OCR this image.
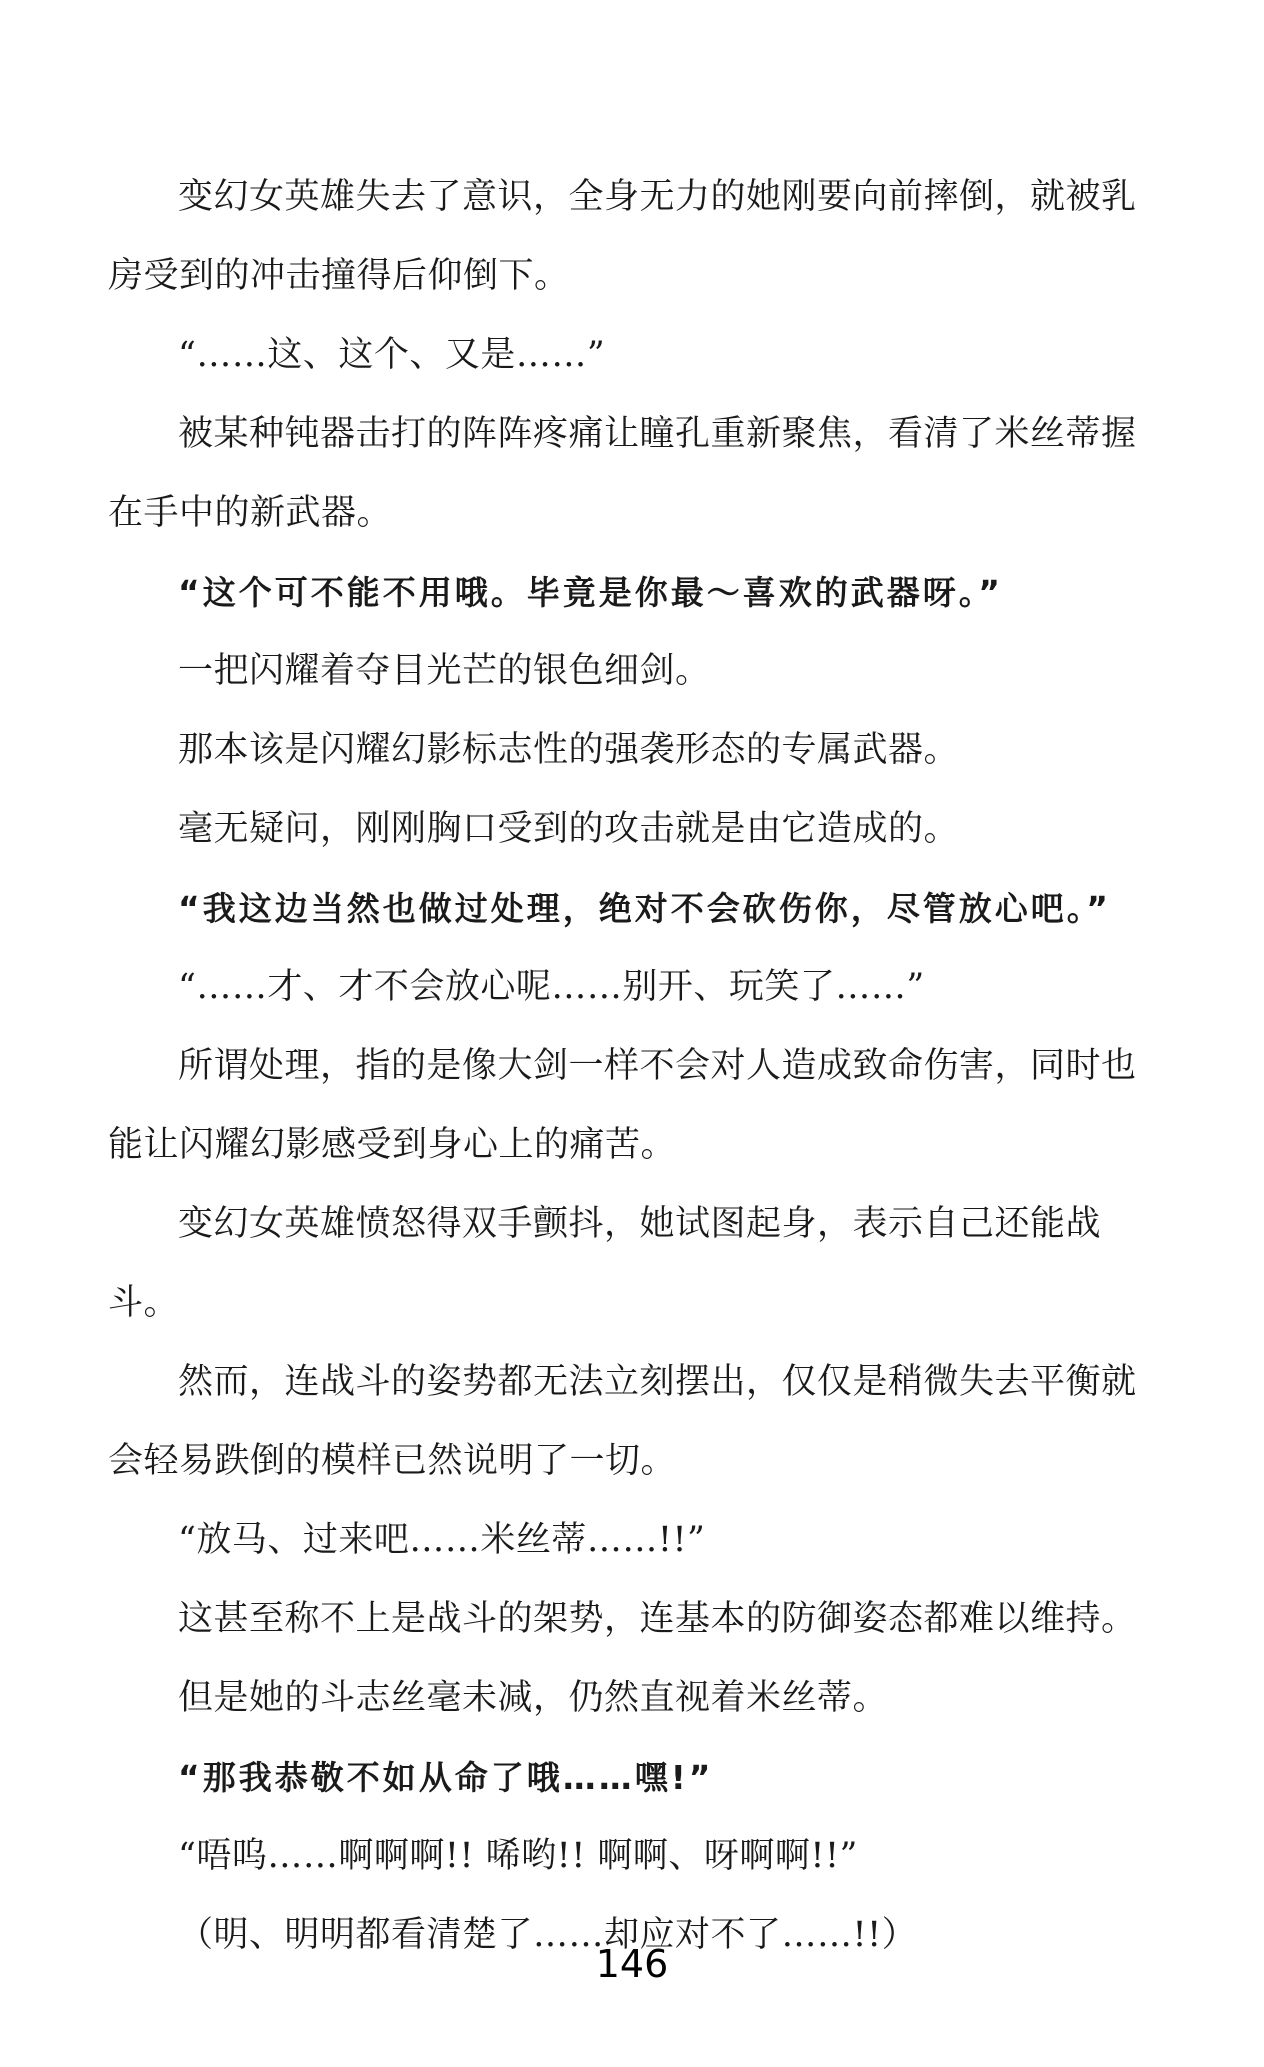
变幻女英雄失去了意识，全身无力的她刚要向前摔倒，就被乳房受到的冲击撞得后仰倒下。

“……这、这个、又是……”

被某种钝器击打的阵阵疼痛让瞳孔重新聚焦，看清了米丝蒂握在手中的新武器。

“这个可不能不用哦。毕竟是你最～喜欢的武器呀。”

一把闪耀着夺目光芒的银色细剑。

那本该是闪耀幻影标志性的强袭形态的专属武器。

毫无疑问，刚刚胸口受到的攻击就是由它造成的。

“我这边当然也做过处理，绝对不会砍伤你，尽管放心吧。”

“……才、才不会放心呢……别开、玩笑了……”

所谓处理，指的是像大剑一样不会对人造成致命伤害，同时也能让闪耀幻影感受到身心上的痛苦。

变幻女英雄愤怒得双手颤抖，她试图起身，表示自己还能战斗。

然而，连战斗的姿势都无法立刻摆出，仅仅是稍微失去平衡就会轻易跌倒的模样已然说明了一切。

“放马、过来吧……米丝蒂……!!”

这甚至称不上是战斗的架势，连基本的防御姿态都难以维持。

但是她的斗志丝毫未减，仍然直视着米丝蒂。

“那我恭敬不如从命了哦……嘿!”

“唔呜……啊啊啊!! 唏哟!! 啊啊、呀啊啊!!”

（明、明明都看清楚了……却应对不了……!!）

146
